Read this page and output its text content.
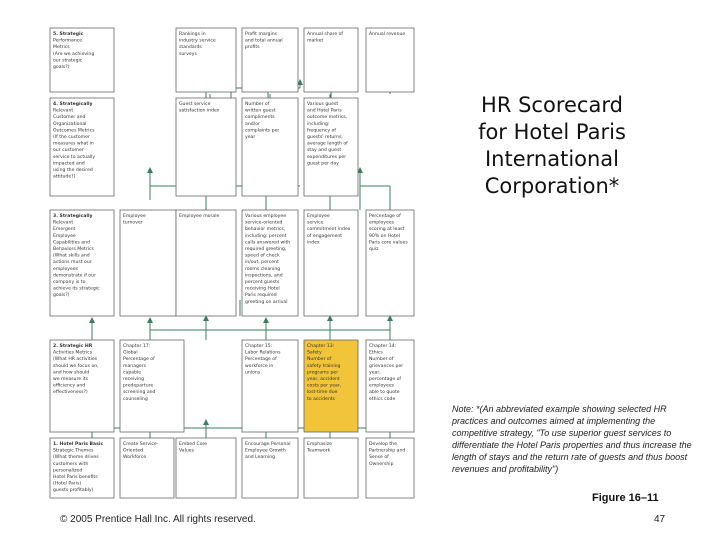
5. Strategic Performance Metrics (Are we achieving our strategic goals?)
Rankings in industry service standards surveys
Profit margins and total annual profits
Annual share of market
Annual revenue
4. Strategically Relevant Customer and Organizational Outcomes Metrics (If the customer measures what in our customer service to actually impacted and using the desired attitude?)
Guest service satisfaction index
Number of written guest compliments and/or complaints per year
Various guest and Hotel Paris outcome metrics, including: frequency of guests' returns, average length of stay and guest expenditures per guest per day
3. Strategically Relevant Emergent Employee Capabilities and Behaviors Metrics (What skills and actions must our employees demonstrate if our company is to achieve its strategic goals?)
Employee turnover
Employee morale	Various employee service-oriented behavior metrics, including: percent calls answered with required greeting, speed of check in/out, percent rooms cleaning inspections, and percent guests receiving Hotel Paris required greeting on arrival
Employee service commitment index of engagement index
Percentage of employees scoring at least 90% on Hotel Paris core values quiz
2. Strategic HR Activities Metrics (What HR activities should we focus on, and how should we measure its efficiency and effectiveness?)
Chapter 17: Global Percentage of managers capable receiving predeparture screening and counseling
Chapter 15: Labor Relations Percentage of workforce in unions
Chapter 13: Safety Number of safety training programs per year, accident costs per year, lost-time due to accidents
Chapter 14: Ethics Number of grievances per year, percentage of employees able to quote ethics code
1. Hotel Paris Basic Strategic Themes (What theme drives customers with personalized Hotel Paris benefits (Hotel Paris) guests profitably)
Create Service-Oriented Workforce
Embed Core Values
Encourage Personal Employee Growth and Learning
Emphasize Teamwork
Develop the Partnership and Sense of Ownership
HR Scorecard
for Hotel Paris
International
Corporation*

Note: *(An abbreviated example showing selected HR practices and outcomes aimed at implementing the competitive strategy, "To use superior guest services to differentiate the Hotel Paris properties and thus increase the length of stays and the return rate of guests and thus boost revenues and profitability")

Figure 16–11
© 2005 Prentice Hall Inc. All rights reserved.	47
